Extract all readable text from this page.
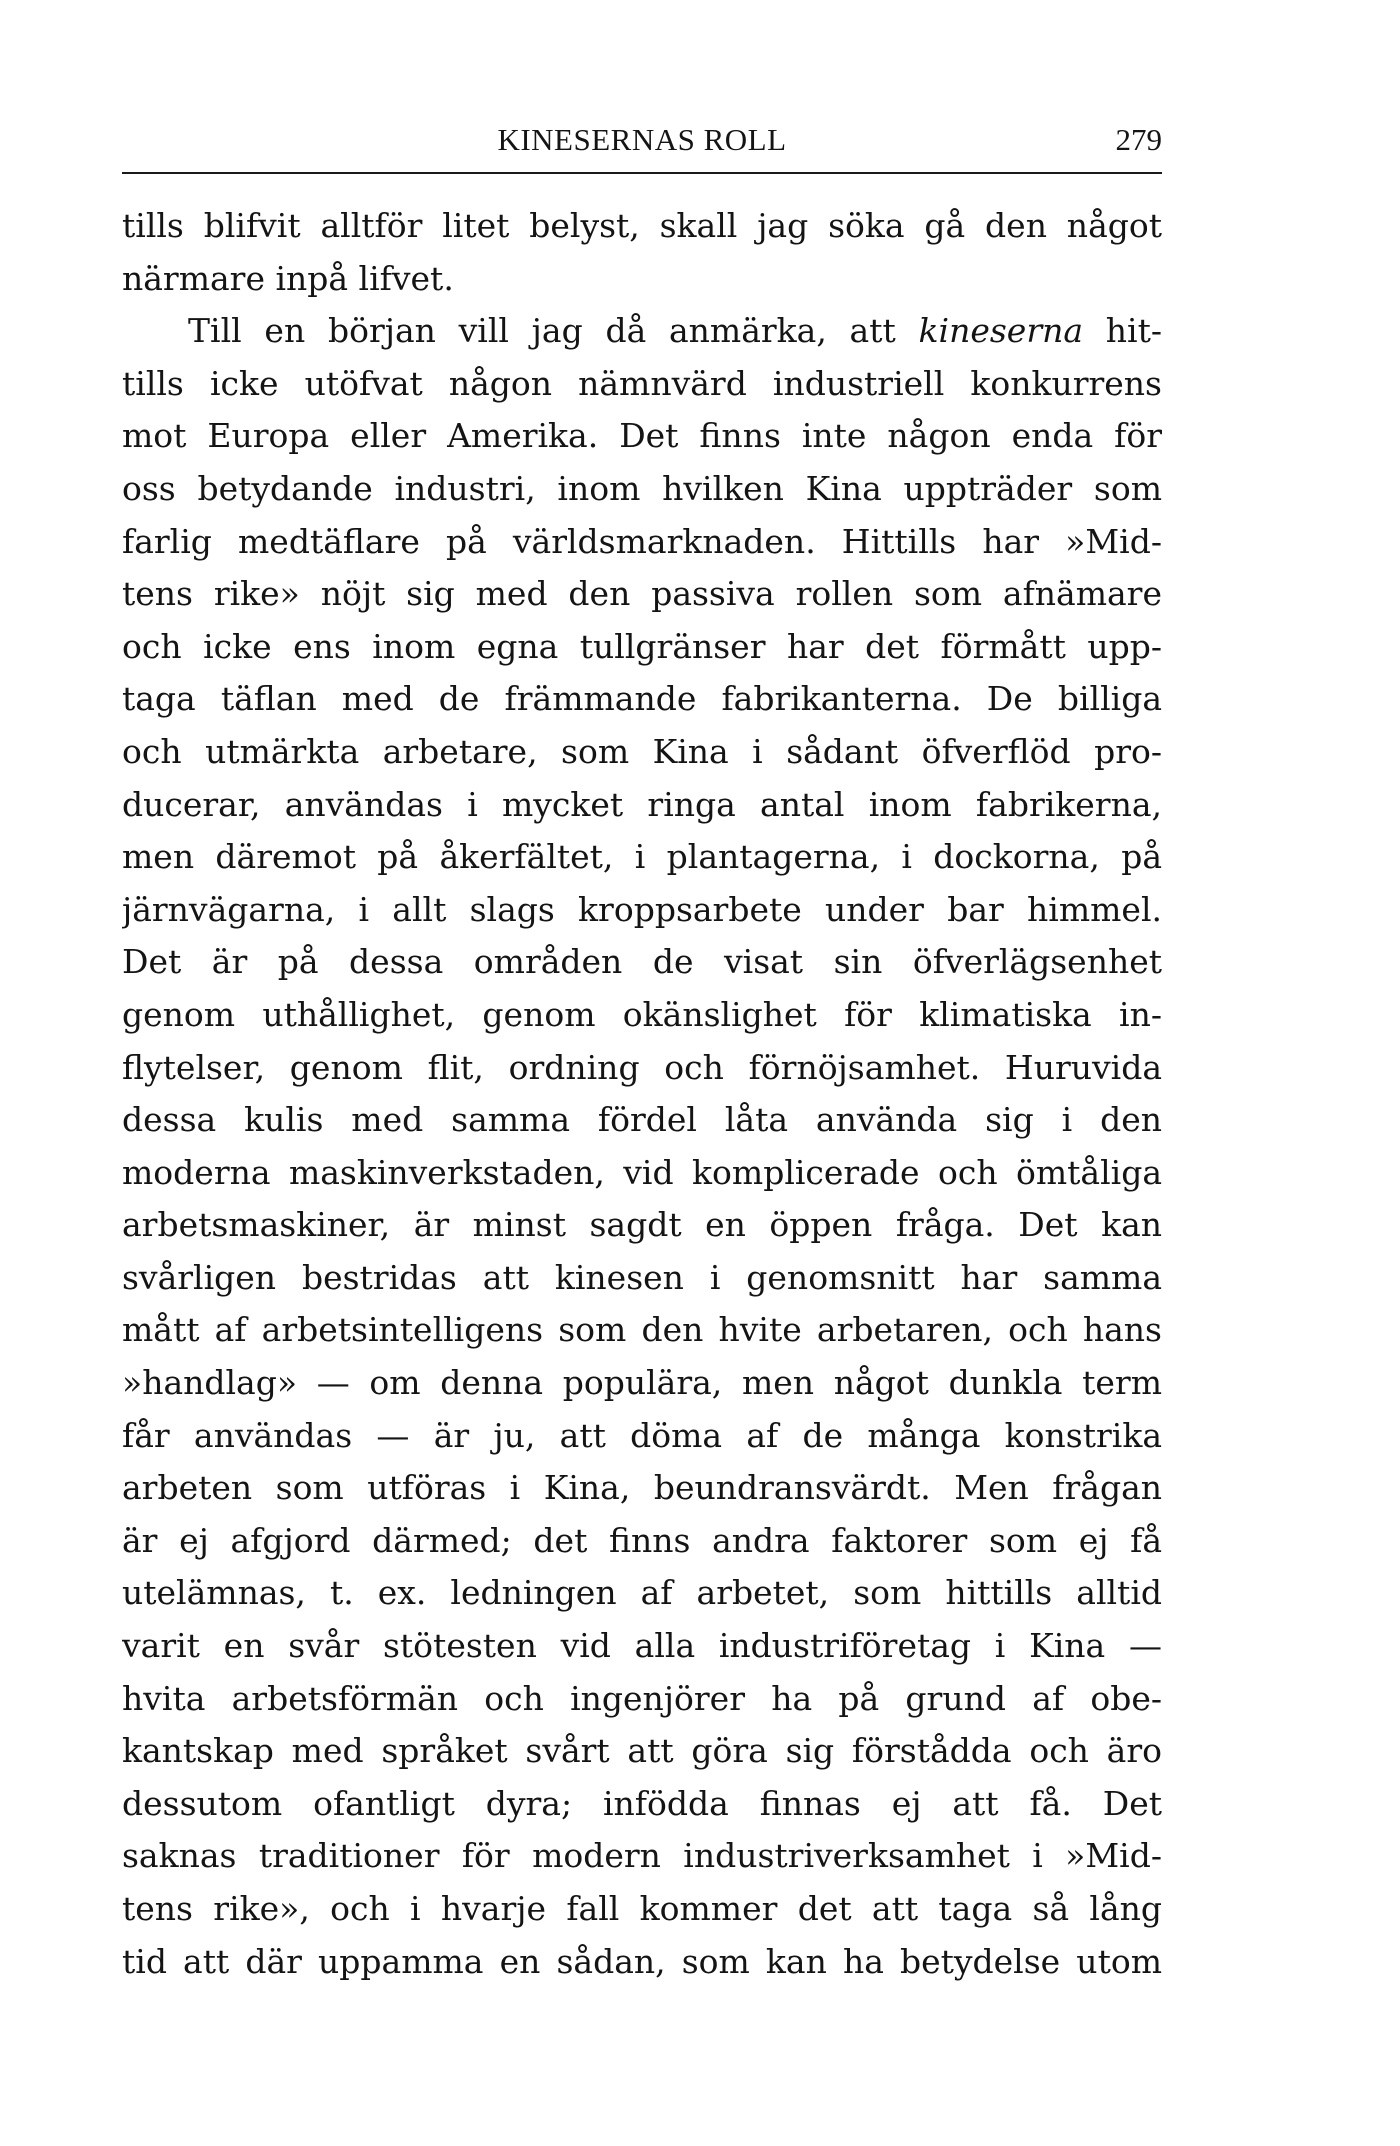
KINESERNAS ROLL	279
tills blifvit alltför litet belyst, skall jag söka gå den något
närmare inpå lifvet.
Till en början vill jag då anmärka, att kineserna hit-
tills icke utöfvat någon nämnvärd industriell konkurrens
mot Europa eller Amerika. Det finns inte någon enda för
oss betydande industri, inom hvilken Kina uppträder som
farlig medtäflare på världsmarknaden. Hittills har »Mid-
tens rike» nöjt sig med den passiva rollen som afnämare
och icke ens inom egna tullgränser har det förmått upp-
taga täflan med de främmande fabrikanterna. De billiga
och utmärkta arbetare, som Kina i sådant öfverflöd pro-
ducerar, användas i mycket ringa antal inom fabrikerna,
men däremot på åkerfältet, i plantagerna, i dockorna, på
järnvägarna, i allt slags kroppsarbete under bar himmel.
Det är på dessa områden de visat sin öfverlägsenhet
genom uthållighet, genom okänslighet för klimatiska in-
flytelser, genom flit, ordning och förnöjsamhet. Huruvida
dessa kulis med samma fördel låta använda sig i den
moderna maskinverkstaden, vid komplicerade och ömtåliga
arbetsmaskiner, är minst sagdt en öppen fråga. Det kan
svårligen bestridas att kinesen i genomsnitt har samma
mått af arbetsintelligens som den hvite arbetaren, och hans
»handlag» — om denna populära, men något dunkla term
får användas — är ju, att döma af de många konstrika
arbeten som utföras i Kina, beundransvärdt. Men frågan
är ej afgjord därmed; det finns andra faktorer som ej få
utelämnas, t. ex. ledningen af arbetet, som hittills alltid
varit en svår stötesten vid alla industriföretag i Kina —
hvita arbetsförmän och ingenjörer ha på grund af obe-
kantskap med språket svårt att göra sig förstådda och äro
dessutom ofantligt dyra; infödda finnas ej att få. Det
saknas traditioner för modern industriverksamhet i »Mid-
tens rike», och i hvarje fall kommer det att taga så lång
tid att där uppamma en sådan, som kan ha betydelse utom
